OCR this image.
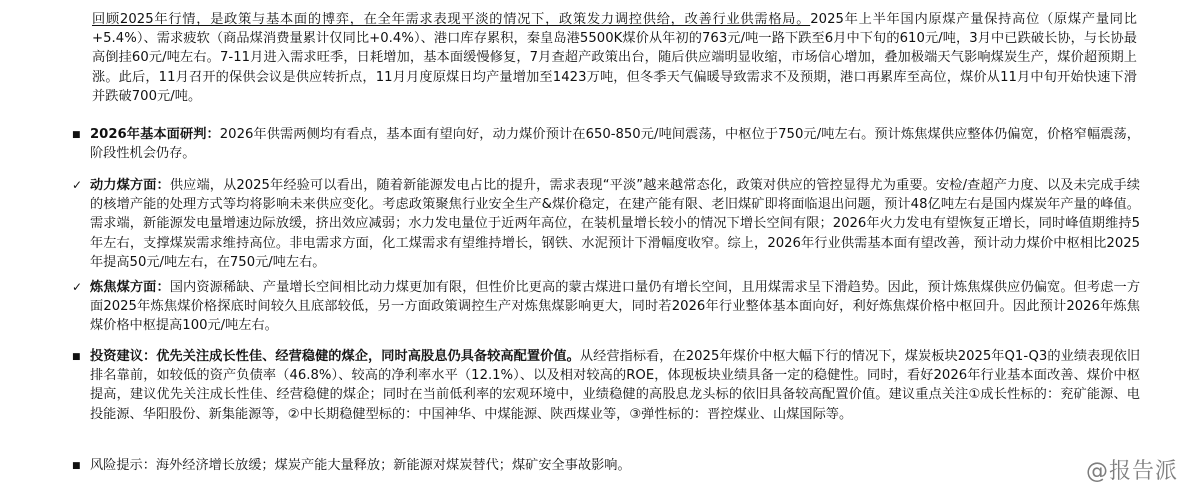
回顾2025年行情，是政策与基本面的博弈，在全年需求表现平淡的情况下，政策发力调控供给，改善行业供需格局。2025年上半年国内原煤产量保持高位（原煤产量同比+5.4%）、需求疲软（商品煤消费量累计仅同比+0.4%）、港口库存累积，秦皇岛港5500K煤价从年初的763元/吨一路下跌至6月中下旬的610元/吨，3月中已跌破长协，与长协最高倒挂60元/吨左右。7-11月进入需求旺季，日耗增加，基本面缓慢修复，7月查超产政策出台，随后供应端明显收缩，市场信心增加，叠加极端天气影响煤炭生产，煤价超预期上涨。此后，11月召开的保供会议是供应转折点，11月月度原煤日均产量增加至1423万吨，但冬季天气偏暖导致需求不及预期，港口再累库至高位，煤价从11月中旬开始快速下滑并跌破700元/吨。
■ 2026年基本面研判：2026年供需两侧均有看点，基本面有望向好，动力煤价预计在650-850元/吨间震荡，中枢位于750元/吨左右。预计炼焦煤供应整体仍偏宽，价格窄幅震荡，阶段性机会仍存。
✓ 动力煤方面：供应端，从2025年经验可以看出，随着新能源发电占比的提升，需求表现“平淡”越来越常态化，政策对供应的管控显得尤为重要。安检/查超产力度、以及未完成手续的核增产能的处理方式等均将影响未来供应变化。考虑政策聚焦行业安全生产&煤价稳定，在建产能有限、老旧煤矿即将面临退出问题，预计48亿吨左右是国内煤炭年产量的峰值。需求端，新能源发电量增速边际放缓，挤出效应减弱；水力发电量位于近两年高位，在装机量增长较小的情况下增长空间有限；2026年火力发电有望恢复正增长，同时峰值期维持5年左右，支撑煤炭需求维持高位。非电需求方面，化工煤需求有望维持增长，钢铁、水泥预计下滑幅度收窄。综上，2026年行业供需基本面有望改善，预计动力煤价中枢相比2025年提高50元/吨左右，在750元/吨左右。
✓ 炼焦煤方面：国内资源稀缺、产量增长空间相比动力煤更加有限，但性价比更高的蒙古煤进口量仍有增长空间，且用煤需求呈下滑趋势。因此，预计炼焦煤供应仍偏宽。但考虑一方面2025年炼焦煤价格探底时间较久且底部较低，另一方面政策调控生产对炼焦煤影响更大，同时若2026年行业整体基本面向好，利好炼焦煤价格中枢回升。因此预计2026年炼焦煤价格中枢提高100元/吨左右。
■ 投资建议：优先关注成长性佳、经营稳健的煤企，同时高股息仍具备较高配置价值。从经营指标看，在2025年煤价中枢大幅下行的情况下，煤炭板块2025年Q1-Q3的业绩表现依旧排名靠前，如较低的资产负债率（46.8%）、较高的净利率水平（12.1%）、以及相对较高的ROE，体现板块业绩具备一定的稳健性。同时，看好2026年行业基本面改善、煤价中枢提高，建议优先关注成长性佳、经营稳健的煤企；同时在当前低利率的宏观环境中，业绩稳健的高股息龙头标的依旧具备较高配置价值。建议重点关注①成长性标的：兖矿能源、电投能源、华阳股份、新集能源等，②中长期稳健型标的：中国神华、中煤能源、陕西煤业等，③弹性标的：晋控煤业、山煤国际等。
■ 风险提示：海外经济增长放缓；煤炭产能大量释放；新能源对煤炭替代；煤矿安全事故影响。	@报告派
